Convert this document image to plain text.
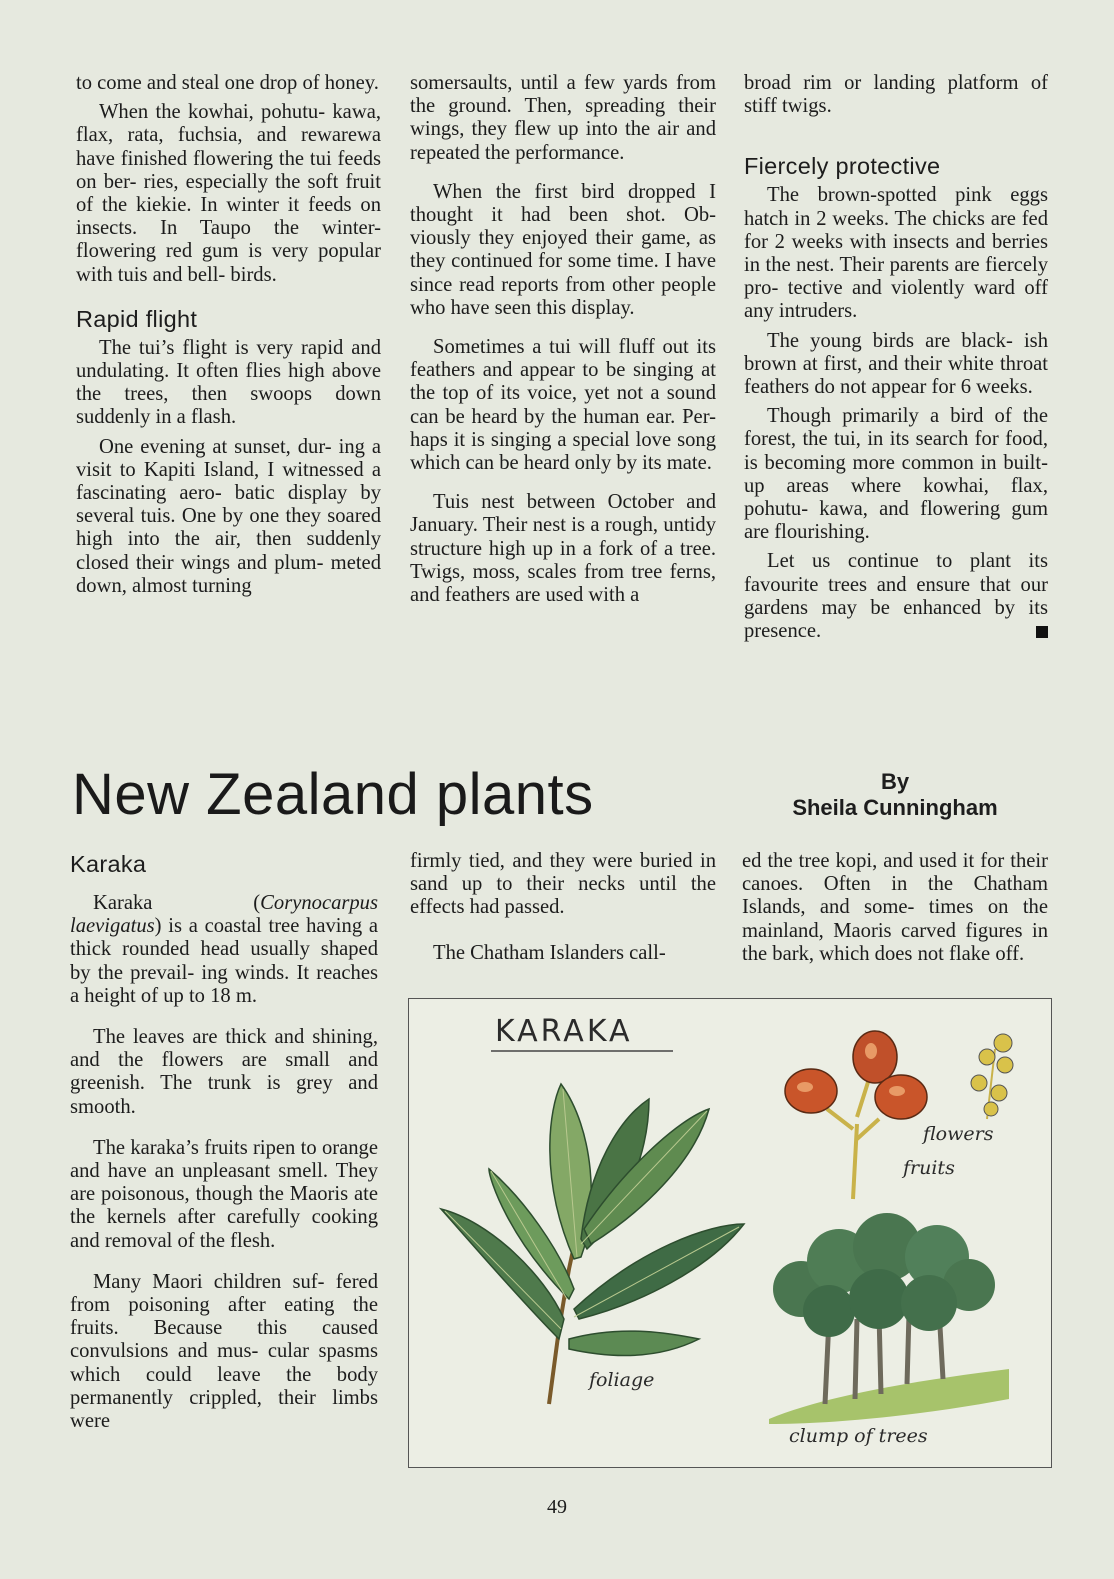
to come and steal one drop of honey.

When the kowhai, pohutu- kawa, flax, rata, fuchsia, and rewarewa have finished flowering the tui feeds on ber- ries, especially the soft fruit of the kiekie. In winter it feeds on insects. In Taupo the winter- flowering red gum is very popular with tuis and bell- birds.

Rapid flight

The tui’s flight is very rapid and undulating. It often flies high above the trees, then swoops down suddenly in a flash.

One evening at sunset, dur- ing a visit to Kapiti Island, I witnessed a fascinating aero- batic display by several tuis. One by one they soared high into the air, then suddenly closed their wings and plum- meted down, almost turning

somersaults, until a few yards from the ground. Then, spreading their wings, they flew up into the air and repeated the performance.

When the first bird dropped I thought it had been shot. Ob- viously they enjoyed their game, as they continued for some time. I have since read reports from other people who have seen this display.

Sometimes a tui will fluff out its feathers and appear to be singing at the top of its voice, yet not a sound can be heard by the human ear. Per- haps it is singing a special love song which can be heard only by its mate.

Tuis nest between October and January. Their nest is a rough, untidy structure high up in a fork of a tree. Twigs, moss, scales from tree ferns, and feathers are used with a

broad rim or landing platform of stiff twigs.

Fiercely protective

The brown-spotted pink eggs hatch in 2 weeks. The chicks are fed for 2 weeks with insects and berries in the nest. Their parents are fiercely pro- tective and violently ward off any intruders.

The young birds are black- ish brown at first, and their white throat feathers do not appear for 6 weeks.

Though primarily a bird of the forest, the tui, in its search for food, is becoming more common in built-up areas where kowhai, flax, pohutu- kawa, and flowering gum are flourishing.

Let us continue to plant its favourite trees and ensure that our gardens may be enhanced by its presence.

New Zealand plants	By
Sheila Cunningham
Karaka

Karaka (Corynocarpus laevigatus) is a coastal tree having a thick rounded head usually shaped by the prevail- ing winds. It reaches a height of up to 18 m.

The leaves are thick and shining, and the flowers are small and greenish. The trunk is grey and smooth.

The karaka’s fruits ripen to orange and have an unpleasant smell. They are poisonous, though the Maoris ate the kernels after carefully cooking and removal of the flesh.

Many Maori children suf- fered from poisoning after eating the fruits. Because this caused convulsions and mus- cular spasms which could leave the body permanently crippled, their limbs were

firmly tied, and they were buried in sand up to their necks until the effects had passed.

The Chatham Islanders call-

ed the tree kopi, and used it for their canoes. Often in the Chatham Islands, and some- times on the mainland, Maoris carved figures in the bark, which does not flake off.

KARAKA
flowers
fruits
foliage
clump of trees
49
